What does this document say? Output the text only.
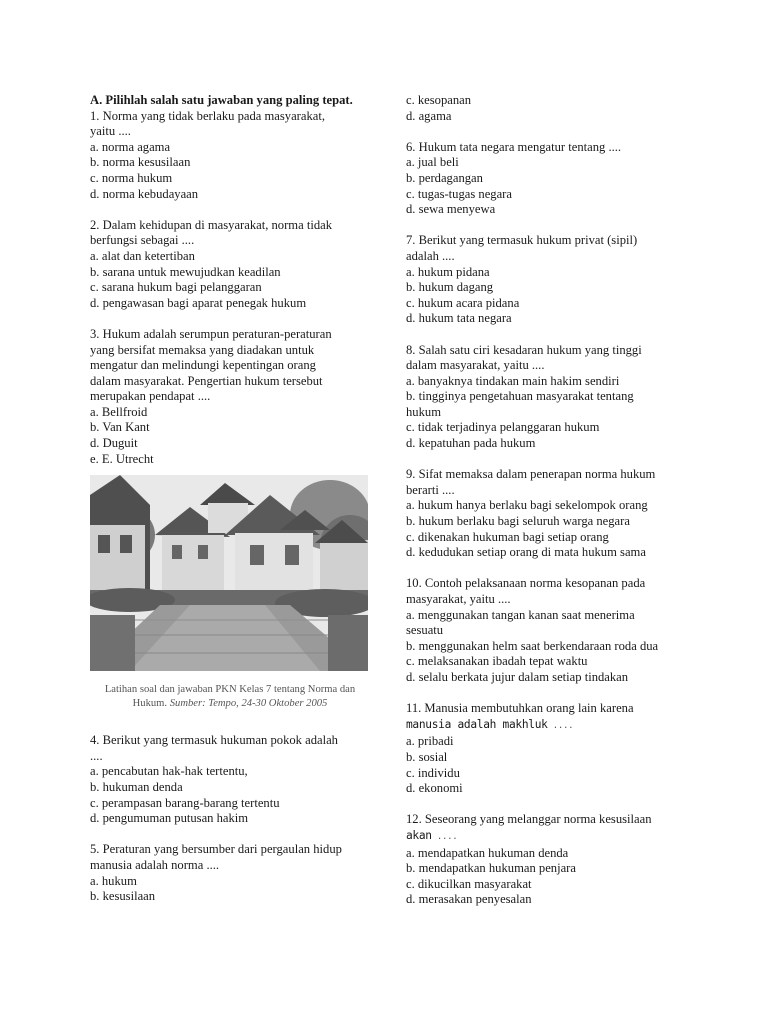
A. Pilihlah salah satu jawaban yang paling tepat.
1. Norma yang tidak berlaku pada masyarakat,
yaitu ....
a. norma agama
b. norma kesusilaan
c. norma hukum
d. norma kebudayaan
2. Dalam kehidupan di masyarakat, norma tidak
berfungsi sebagai ....
a. alat dan ketertiban
b. sarana untuk mewujudkan keadilan
c. sarana hukum bagi pelanggaran
d. pengawasan bagi aparat penegak hukum
3. Hukum adalah serumpun peraturan-peraturan
yang bersifat memaksa yang diadakan untuk
mengatur dan melindungi kepentingan orang
dalam masyarakat. Pengertian hukum tersebut
merupakan pendapat ....
a. Bellfroid
b. Van Kant
d. Duguit
e. E. Utrecht
Latihan soal dan jawaban PKN Kelas 7 tentang Norma dan Hukum. Sumber: Tempo, 24-30 Oktober 2005
4. Berikut yang termasuk hukuman pokok adalah
....
a. pencabutan hak-hak tertentu,
b. hukuman denda
c. perampasan barang-barang tertentu
d. pengumuman putusan hakim
5. Peraturan yang bersumber dari pergaulan hidup
manusia adalah norma ....
a. hukum
b. kesusilaan
c. kesopanan
d. agama
6. Hukum tata negara mengatur tentang ....
a. jual beli
b. perdagangan
c. tugas-tugas negara
d. sewa menyewa
7. Berikut yang termasuk hukum privat (sipil)
adalah ....
a. hukum pidana
b. hukum dagang
c. hukum acara pidana
d. hukum tata negara
8. Salah satu ciri kesadaran hukum yang tinggi
dalam masyarakat, yaitu ....
a. banyaknya tindakan main hakim sendiri
b. tingginya pengetahuan masyarakat tentang
hukum
c. tidak terjadinya pelanggaran hukum
d. kepatuhan pada hukum
9. Sifat memaksa dalam penerapan norma hukum
berarti ....
a. hukum hanya berlaku bagi sekelompok orang
b. hukum berlaku bagi seluruh warga negara
c. dikenakan hukuman bagi setiap orang
d. kedudukan setiap orang di mata hukum sama
10. Contoh pelaksanaan norma kesopanan pada
masyarakat, yaitu ....
a. menggunakan tangan kanan saat menerima
sesuatu
b. menggunakan helm saat berkendaraan roda dua
c. melaksanakan ibadah tepat waktu
d. selalu berkata jujur dalam setiap tindakan
11. Manusia membutuhkan orang lain karena
manusia adalah makhluk ....
a. pribadi
b. sosial
c. individu
d. ekonomi
12. Seseorang yang melanggar norma kesusilaan
akan ....
a. mendapatkan hukuman denda
b. mendapatkan hukuman penjara
c. dikucilkan masyarakat
d. merasakan penyesalan
